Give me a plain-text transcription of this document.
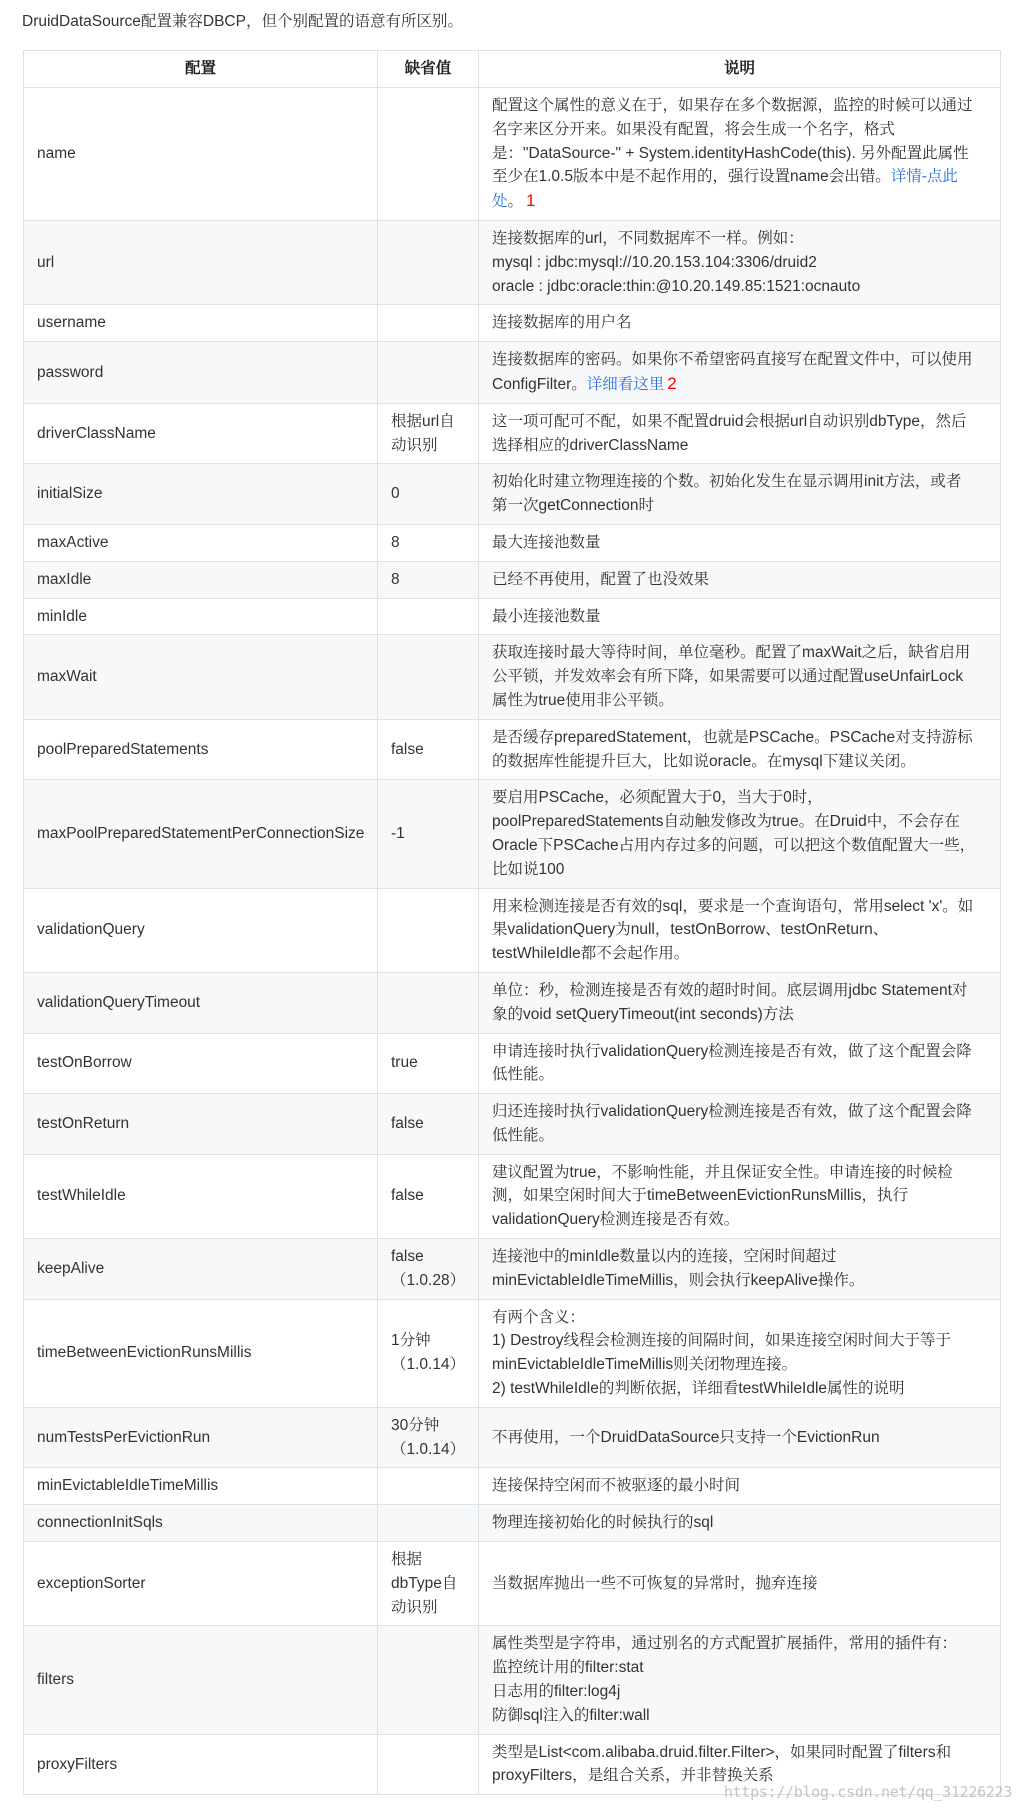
DruidDataSource配置兼容DBCP，但个别配置的语意有所区别。
配置	缺省值	说明
name		配置这个属性的意义在于，如果存在多个数据源，监控的时候可以通过
名字来区分开来。如果没有配置，将会生成一个名字，格式
是："DataSource-" + System.identityHashCode(this). 另外配置此属性
至少在1.0.5版本中是不起作用的，强行设置name会出错。详情-点此
处。 1

url		连接数据库的url，不同数据库不一样。例如：
mysql : jdbc:mysql://10.20.153.104:3306/druid2
oracle : jdbc:oracle:thin:@10.20.149.85:1521:ocnauto

username		连接数据库的用户名

password		连接数据库的密码。如果你不希望密码直接写在配置文件中，可以使用
ConfigFilter。详细看这里 2

driverClassName	根据url自
动识别	这一项可配可不配，如果不配置druid会根据url自动识别dbType，然后
选择相应的driverClassName

initialSize	0	初始化时建立物理连接的个数。初始化发生在显示调用init方法，或者
第一次getConnection时

maxActive	8	最大连接池数量

maxIdle	8	已经不再使用，配置了也没效果

minIdle		最小连接池数量

maxWait		获取连接时最大等待时间，单位毫秒。配置了maxWait之后，缺省启用
公平锁，并发效率会有所下降，如果需要可以通过配置useUnfairLock
属性为true使用非公平锁。

poolPreparedStatements	false	是否缓存preparedStatement，也就是PSCache。PSCache对支持游标
的数据库性能提升巨大，比如说oracle。在mysql下建议关闭。

maxPoolPreparedStatementPerConnectionSize	-1	要启用PSCache，必须配置大于0，当大于0时，
poolPreparedStatements自动触发修改为true。在Druid中，不会存在
Oracle下PSCache占用内存过多的问题，可以把这个数值配置大一些，
比如说100

validationQuery		用来检测连接是否有效的sql，要求是一个查询语句，常用select 'x'。如
果validationQuery为null，testOnBorrow、testOnReturn、
testWhileIdle都不会起作用。

validationQueryTimeout		单位：秒，检测连接是否有效的超时时间。底层调用jdbc Statement对
象的void setQueryTimeout(int seconds)方法

testOnBorrow	true	申请连接时执行validationQuery检测连接是否有效，做了这个配置会降
低性能。

testOnReturn	false	归还连接时执行validationQuery检测连接是否有效，做了这个配置会降
低性能。

testWhileIdle	false	建议配置为true，不影响性能，并且保证安全性。申请连接的时候检
测，如果空闲时间大于timeBetweenEvictionRunsMillis，执行
validationQuery检测连接是否有效。

keepAlive	false
（1.0.28）	连接池中的minIdle数量以内的连接，空闲时间超过
minEvictableIdleTimeMillis，则会执行keepAlive操作。

timeBetweenEvictionRunsMillis	1分钟
（1.0.14）	有两个含义：
1) Destroy线程会检测连接的间隔时间，如果连接空闲时间大于等于
minEvictableIdleTimeMillis则关闭物理连接。
2) testWhileIdle的判断依据，详细看testWhileIdle属性的说明

numTestsPerEvictionRun	30分钟
（1.0.14）	不再使用，一个DruidDataSource只支持一个EvictionRun

minEvictableIdleTimeMillis		连接保持空闲而不被驱逐的最小时间

connectionInitSqls		物理连接初始化的时候执行的sql

exceptionSorter	根据
dbType自
动识别	当数据库抛出一些不可恢复的异常时，抛弃连接

filters		属性类型是字符串，通过别名的方式配置扩展插件，常用的插件有：
监控统计用的filter:stat
日志用的filter:log4j
防御sql注入的filter:wall

proxyFilters		类型是List<com.alibaba.druid.filter.Filter>，如果同时配置了filters和
proxyFilters，是组合关系，并非替换关系
https://blog.csdn.net/qq_31226223
